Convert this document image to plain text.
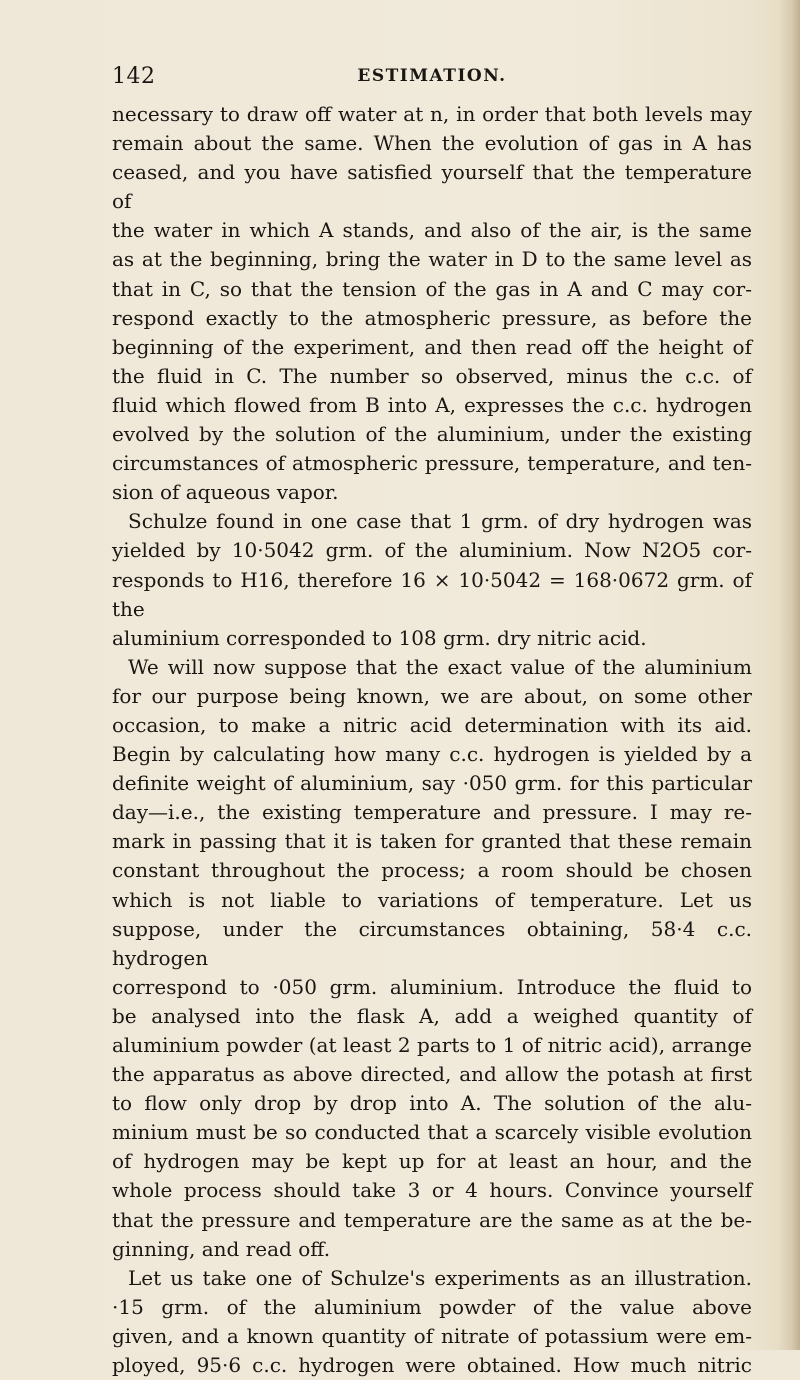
142	ESTIMATION.

necessary to draw off water at n, in order that both levels may

remain about the same. When the evolution of gas in A has

ceased, and you have satisfied yourself that the temperature of

the water in which A stands, and also of the air, is the same

as at the beginning, bring the water in D to the same level as

that in C, so that the tension of the gas in A and C may cor-

respond exactly to the atmospheric pressure, as before the

beginning of the experiment, and then read off the height of

the fluid in C. The number so observed, minus the c.c. of

fluid which flowed from B into A, expresses the c.c. hydrogen

evolved by the solution of the aluminium, under the existing

circumstances of atmospheric pressure, temperature, and ten-

sion of aqueous vapor.

Schulze found in one case that 1 grm. of dry hydrogen was

yielded by 10·5042 grm. of the aluminium. Now N2O5 cor-

responds to H16, therefore 16 × 10·5042 = 168·0672 grm. of the

aluminium corresponded to 108 grm. dry nitric acid.

We will now suppose that the exact value of the aluminium

for our purpose being known, we are about, on some other

occasion, to make a nitric acid determination with its aid.

Begin by calculating how many c.c. hydrogen is yielded by a

definite weight of aluminium, say ·050 grm. for this particular

day—i.e., the existing temperature and pressure. I may re-

mark in passing that it is taken for granted that these remain

constant throughout the process; a room should be chosen

which is not liable to variations of temperature. Let us

suppose, under the circumstances obtaining, 58·4 c.c. hydrogen

correspond to ·050 grm. aluminium. Introduce the fluid to

be analysed into the flask A, add a weighed quantity of

aluminium powder (at least 2 parts to 1 of nitric acid), arrange

the apparatus as above directed, and allow the potash at first

to flow only drop by drop into A. The solution of the alu-

minium must be so conducted that a scarcely visible evolution

of hydrogen may be kept up for at least an hour, and the

whole process should take 3 or 4 hours. Convince yourself

that the pressure and temperature are the same as at the be-

ginning, and read off.

Let us take one of Schulze's experiments as an illustration.

·15 grm. of the aluminium powder of the value above

given, and a known quantity of nitrate of potassium were em-

ployed, 95·6 c.c. hydrogen were obtained. How much nitric
